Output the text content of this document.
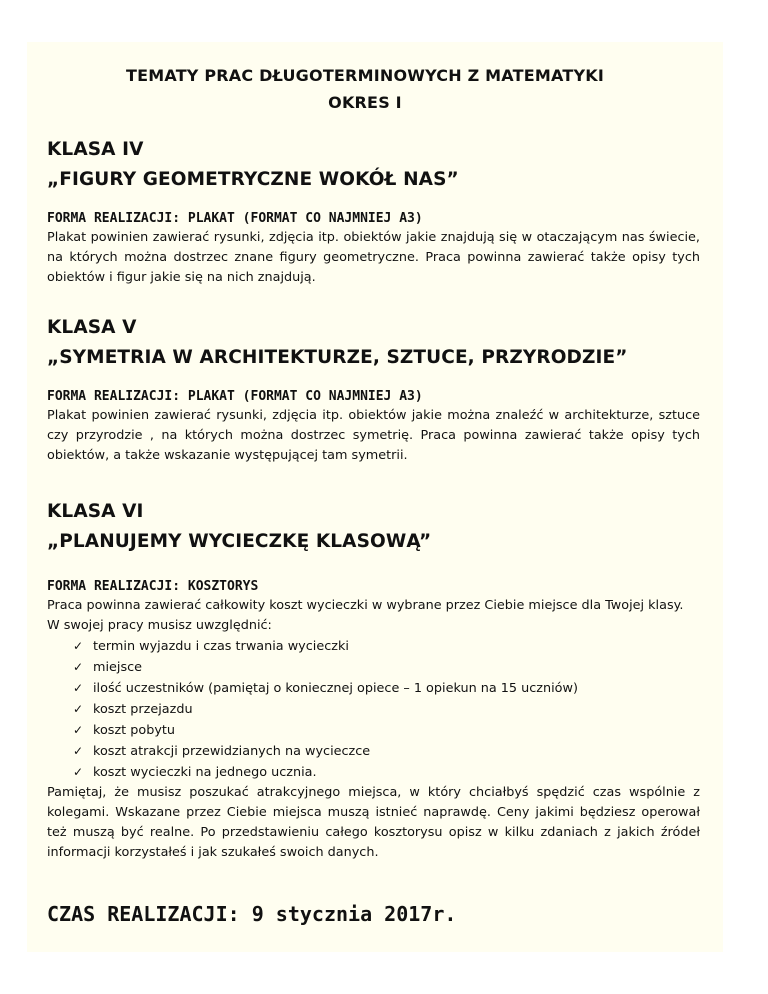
TEMATY PRAC DŁUGOTERMINOWYCH Z MATEMATYKI

OKRES I

KLASA IV

„FIGURY GEOMETRYCZNE WOKÓŁ NAS”

FORMA REALIZACJI: PLAKAT (FORMAT CO NAJMNIEJ A3)

Plakat powinien zawierać rysunki, zdjęcia itp. obiektów jakie znajdują się w otaczającym nas świecie, na których można dostrzec znane figury geometryczne. Praca powinna zawierać także opisy tych obiektów i figur jakie się na nich znajdują.

KLASA V

„SYMETRIA W ARCHITEKTURZE, SZTUCE, PRZYRODZIE”

FORMA REALIZACJI: PLAKAT (FORMAT CO NAJMNIEJ A3)

Plakat powinien zawierać rysunki, zdjęcia itp. obiektów jakie można znaleźć w architekturze, sztuce czy przyrodzie , na których można dostrzec symetrię. Praca powinna zawierać także opisy tych obiektów, a także wskazanie występującej tam symetrii.

KLASA VI

„PLANUJEMY WYCIECZKĘ KLASOWĄ”

FORMA REALIZACJI: KOSZTORYS

Praca powinna zawierać całkowity koszt wycieczki w wybrane przez Ciebie miejsce dla Twojej klasy. W swojej pracy musisz uwzględnić:

✓ termin wyjazdu i czas trwania wycieczki
✓ miejsce
✓ ilość uczestników (pamiętaj o koniecznej opiece – 1 opiekun na 15 uczniów)
✓ koszt przejazdu
✓ koszt pobytu
✓ koszt atrakcji przewidzianych na wycieczce
✓ koszt wycieczki na jednego ucznia.

Pamiętaj, że musisz poszukać atrakcyjnego miejsca, w który chciałbyś spędzić czas wspólnie z kolegami. Wskazane przez Ciebie miejsca muszą istnieć naprawdę. Ceny jakimi będziesz operował też muszą być realne. Po przedstawieniu całego kosztorysu opisz w kilku zdaniach z jakich źródeł informacji korzystałeś i jak szukałeś swoich danych.

CZAS REALIZACJI: 9 stycznia 2017r.
